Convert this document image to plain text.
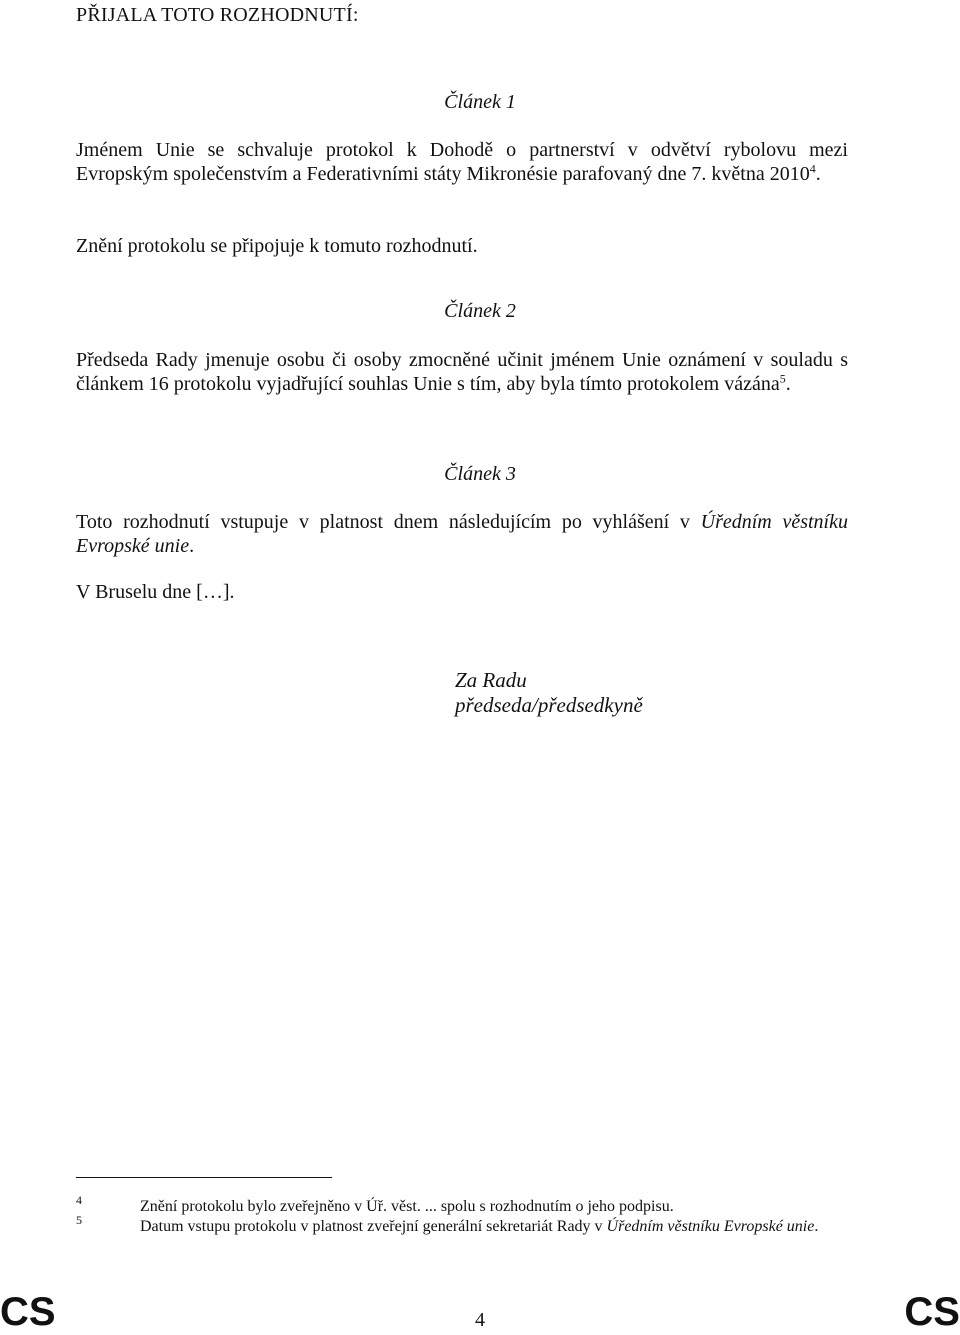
PŘIJALA TOTO ROZHODNUTÍ:
Článek 1
Jménem Unie se schvaluje protokol k Dohodě o partnerství v odvětví rybolovu mezi Evropským společenstvím a Federativními státy Mikronésie parafovaný dne 7. května 2010$^4$.
Znění protokolu se připojuje k tomuto rozhodnutí.
Článek 2
Předseda Rady jmenuje osobu či osoby zmocněné učinit jménem Unie oznámení v souladu s článkem 16 protokolu vyjadřující souhlas Unie s tím, aby byla tímto protokolem vázána$^5$.
Článek 3
Toto rozhodnutí vstupuje v platnost dnem následujícím po vyhlášení v Úředním věstníku Evropské unie.
V Bruselu dne […].
Za Radu
předseda/předsedkyně
4	Znění protokolu bylo zveřejněno v Úř. věst. ... spolu s rozhodnutím o jeho podpisu.
5	Datum vstupu protokolu v platnost zveřejní generální sekretariát Rady v Úředním věstníku Evropské unie.
CS	4	CS
